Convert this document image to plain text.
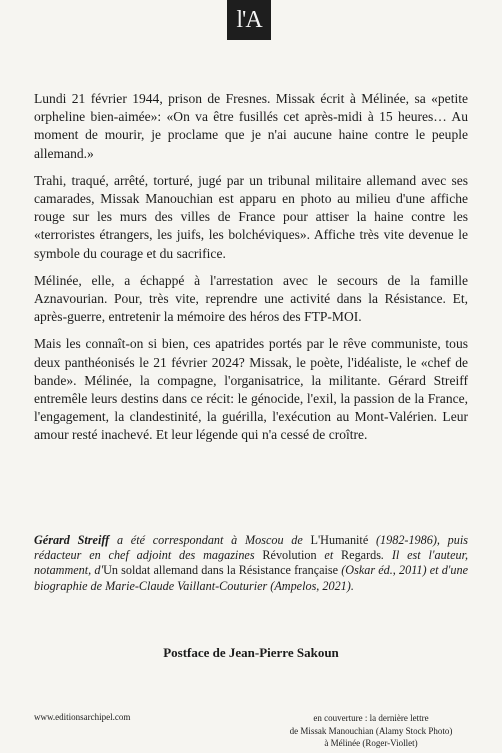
l'A

Lundi 21 février 1944, prison de Fresnes. Missak écrit à Mélinée, sa «petite orpheline bien-aimée»: «On va être fusillés cet après-midi à 15 heures… Au moment de mourir, je proclame que je n'ai aucune haine contre le peuple allemand.»

Trahi, traqué, arrêté, torturé, jugé par un tribunal militaire allemand avec ses camarades, Missak Manouchian est apparu en photo au milieu d'une affiche rouge sur les murs des villes de France pour attiser la haine contre les «terroristes étrangers, les juifs, les bolchéviques». Affiche très vite devenue le symbole du courage et du sacrifice.

Mélinée, elle, a échappé à l'arrestation avec le secours de la famille Aznavourian. Pour, très vite, reprendre une activité dans la Résistance. Et, après-guerre, entretenir la mémoire des héros des FTP-MOI.

Mais les connaît-on si bien, ces apatrides portés par le rêve communiste, tous deux panthéonisés le 21 février 2024? Missak, le poète, l'idéaliste, le «chef de bande». Mélinée, la compagne, l'organisatrice, la militante. Gérard Streiff entremêle leurs destins dans ce récit: le génocide, l'exil, la passion de la France, l'engagement, la clandestinité, la guérilla, l'exécution au Mont-Valérien. Leur amour resté inachevé. Et leur légende qui n'a cessé de croître.

Gérard Streiff a été correspondant à Moscou de L'Humanité (1982-1986), puis rédacteur en chef adjoint des magazines Révolution et Regards. Il est l'auteur, notamment, d'Un soldat allemand dans la Résistance française (Oskar éd., 2011) et d'une biographie de Marie-Claude Vaillant-Couturier (Ampelos, 2021).
Postface de Jean-Pierre Sakoun
www.editionsarchipel.com	en couverture : la dernière lettre
de Missak Manouchian (Alamy Stock Photo)
à Mélinée (Roger-Viollet)
